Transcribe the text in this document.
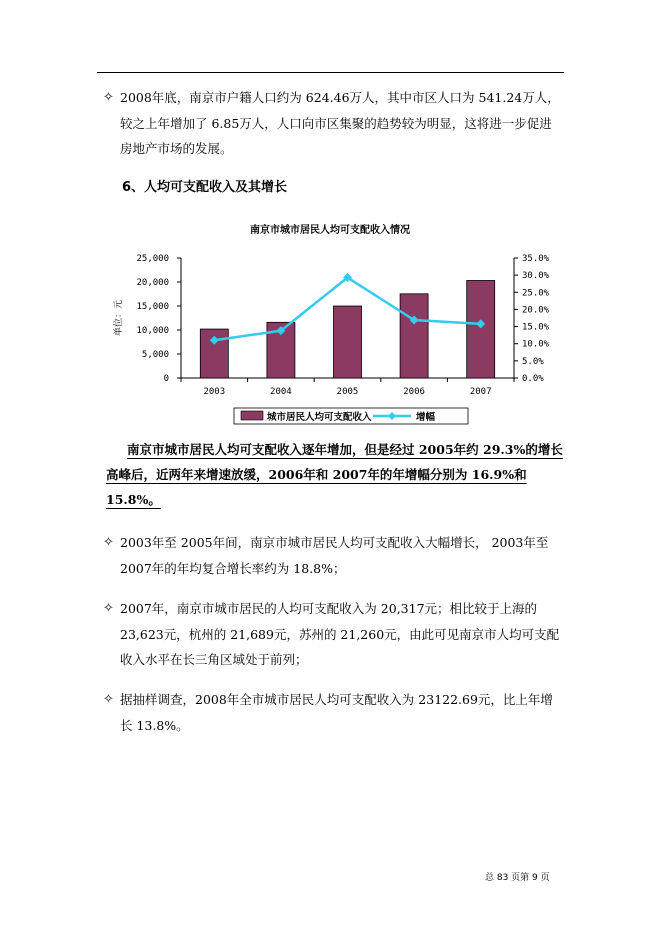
✧ 2008年底，南京市户籍人口约为 624.46万人，其中市区人口为 541.24万人，较之上年增加了 6.85万人，人口向市区集聚的趋势较为明显，这将进一步促进房地产市场的发展。
6、人均可支配收入及其增长
南京市城市居民人均可支配收入情况
0
5,000
10,000
15,000
20,000
25,000
0.0%
5.0%
10.0%
15.0%
20.0%
25.0%
30.0%
35.0%
单位：元
2003	2004	2005	2006	2007
城市居民人均可支配收入	增幅
南京市城市居民人均可支配收入逐年增加，但是经过 2005年约 29.3%的增长高峰后，近两年来增速放缓，2006年和 2007年的年增幅分别为 16.9%和 15.8%。
✧ 2003年至 2005年间，南京市城市居民人均可支配收入大幅增长， 2003年至 2007年的年均复合增长率约为 18.8%；
✧ 2007年，南京市城市居民的人均可支配收入为 20,317元；相比较于上海的 23,623元，杭州的 21,689元，苏州的 21,260元，由此可见南京市人均可支配收入水平在长三角区域处于前列；
✧ 据抽样调查，2008年全市城市居民人均可支配收入为 23122.69元，比上年增长 13.8%。
总 83 页第 9 页
